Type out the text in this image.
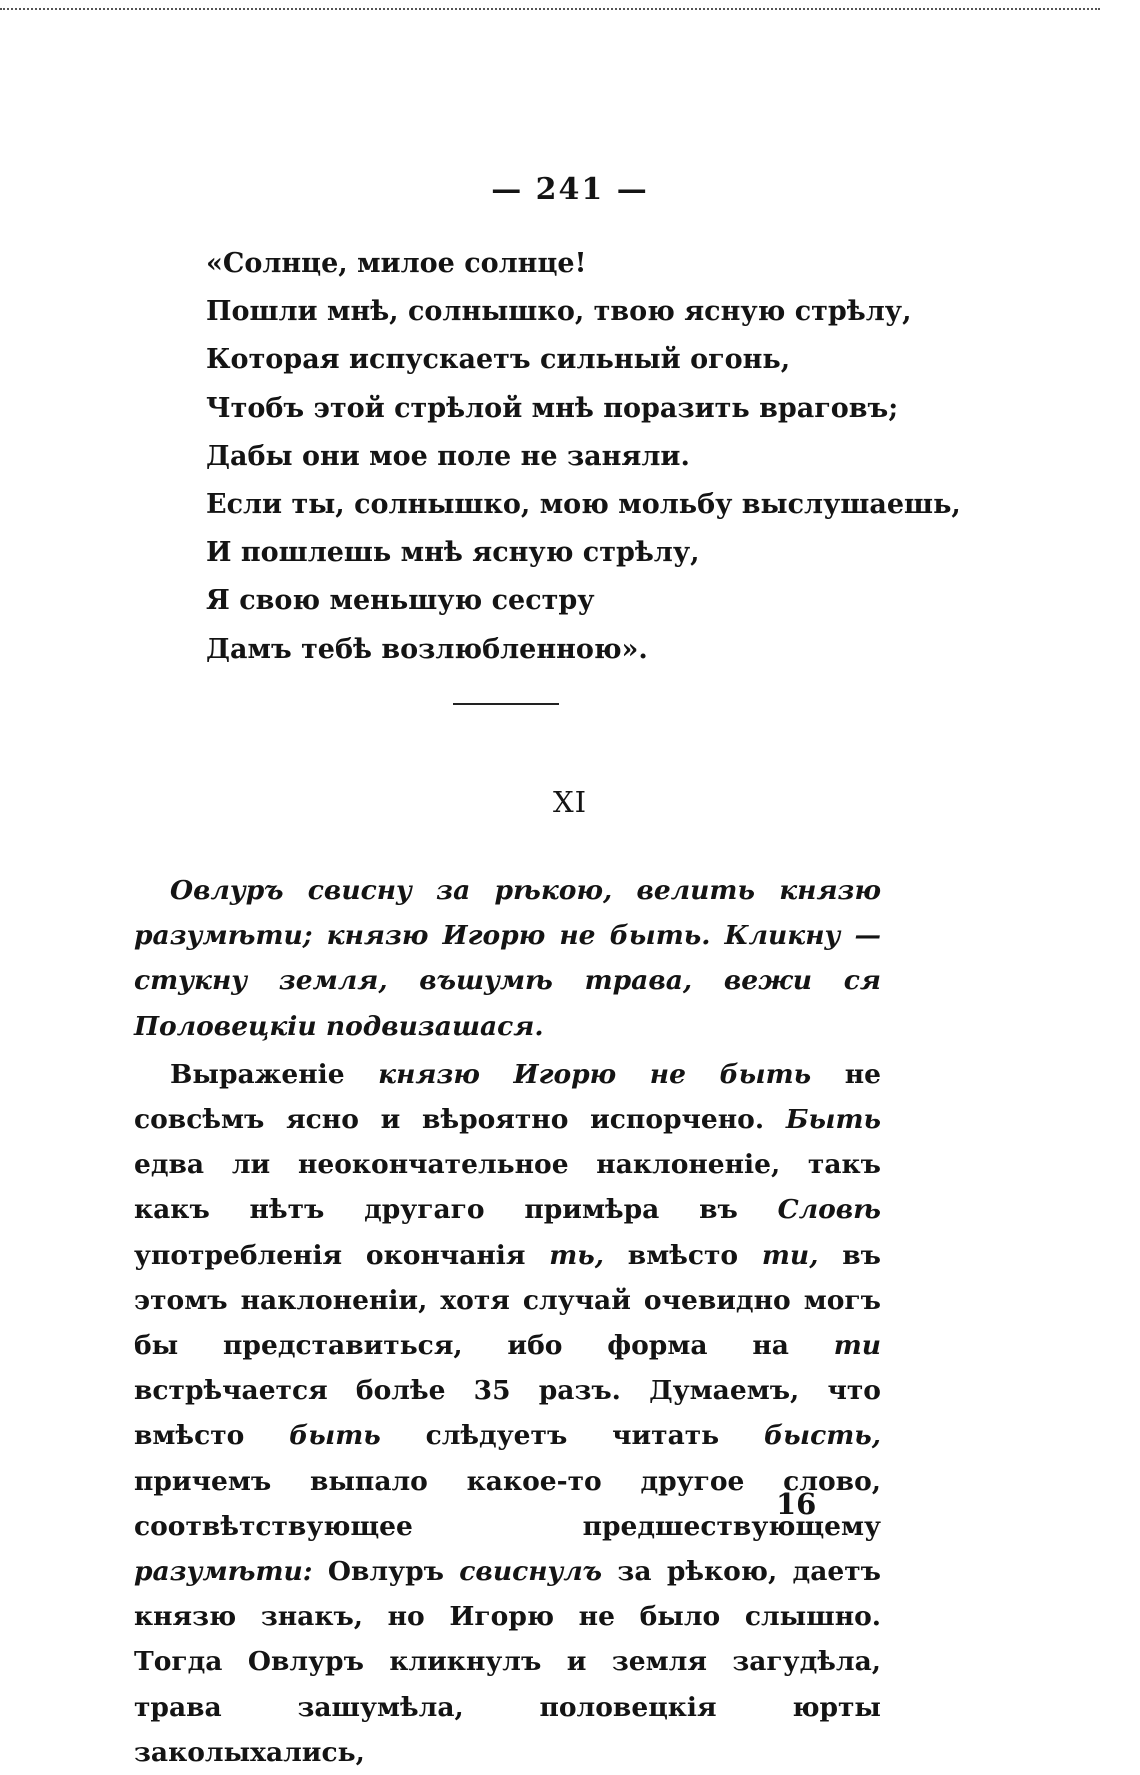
— 241 —
«Солнце, милое солнце!
Пошли мнѣ, солнышко, твою ясную стрѣлу,
Которая испускаетъ сильный огонь,
Чтобъ этой стрѣлой мнѣ поразить враговъ;
Дабы они мое поле не заняли.
Если ты, солнышко, мою мольбу выслушаешь,
И пошлешь мнѣ ясную стрѣлу,
Я свою меньшую сестру
Дамъ тебѣ возлюбленною».
XI

Овлуръ свисну за рѣкою, велить князю разумѣти; князю Игорю не быть. Кликну — стукну земля, въшумѣ трава, вежи ся Половецкіи подвизашася.

Выраженіе князю Игорю не быть не совсѣмъ ясно и вѣроятно испорчено. Быть едва ли неокончательное наклоненіе, такъ какъ нѣтъ другаго примѣра въ Словѣ употребленія окончанія ть, вмѣсто ти, въ этомъ наклоненіи, хотя случай очевидно могъ бы представиться, ибо форма на ти встрѣчается болѣе 35 разъ. Думаемъ, что вмѣсто быть слѣдуетъ читать бысть, причемъ выпало какое-то другое слово, соотвѣтствующее предшествующему разумѣти: Овлуръ свиснулъ за рѣкою, даетъ князю знакъ, но Игорю не было слышно. Тогда Овлуръ кликнулъ и земля загудѣла, трава зашумѣла, половецкія юрты заколыхались,

16
